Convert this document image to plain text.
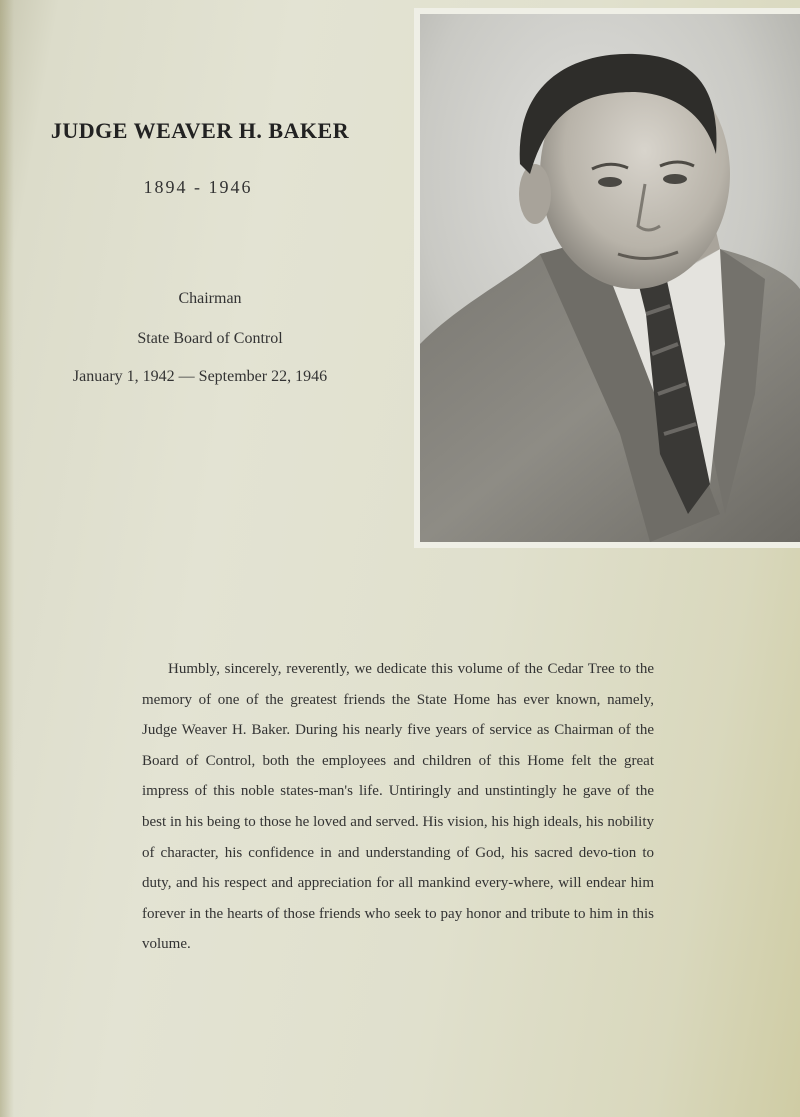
JUDGE WEAVER H. BAKER
1894 - 1946
Chairman
State Board of Control
January 1, 1942 — September 22, 1946

Humbly, sincerely, reverently, we dedicate this volume of the Cedar Tree to the memory of one of the greatest friends the State Home has ever known, namely, Judge Weaver H. Baker. During his nearly five years of service as Chairman of the Board of Control, both the employees and children of this Home felt the great impress of this noble states-man's life. Untiringly and unstintingly he gave of the best in his being to those he loved and served. His vision, his high ideals, his nobility of character, his confidence in and understanding of God, his sacred devo-tion to duty, and his respect and appreciation for all mankind every-where, will endear him forever in the hearts of those friends who seek to pay honor and tribute to him in this volume.
